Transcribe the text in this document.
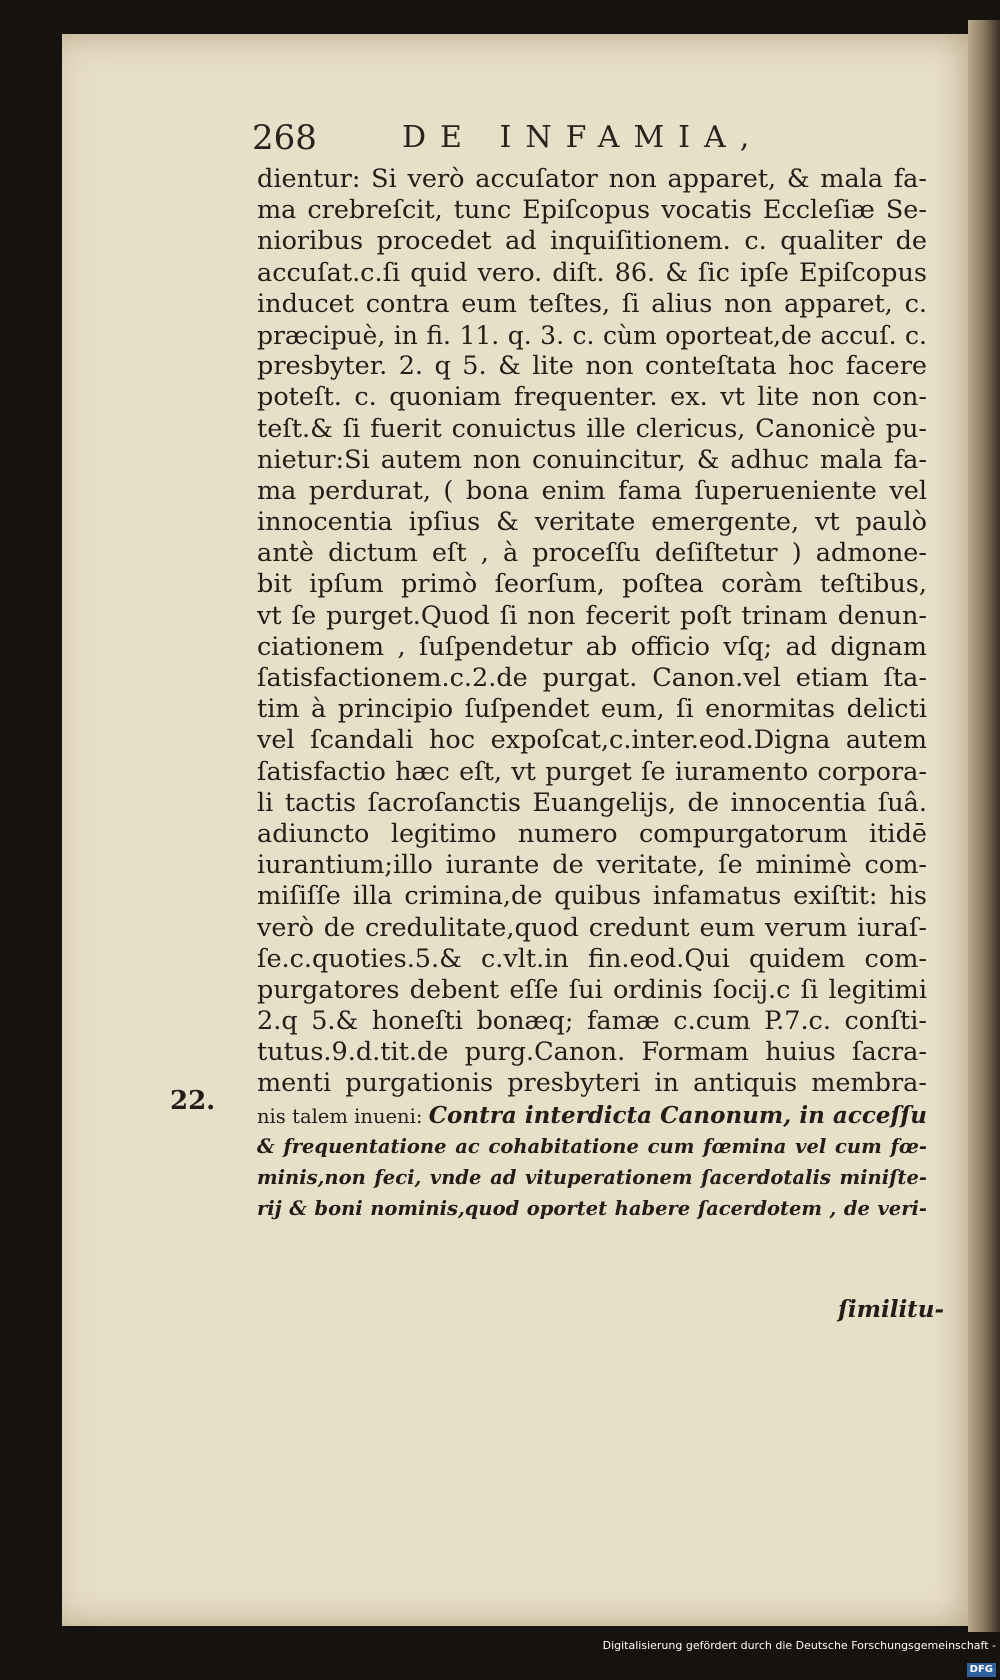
268	DE INFAMIA,
22.
dientur: Si verò accuſator non apparet, & mala fa-
ma crebreſcit, tunc Epiſcopus vocatis Eccleſiæ Se-
nioribus procedet ad inquiſitionem. c. qualiter de
accuſat.c.ſi quid vero. diſt. 86. & ſic ipſe Epiſcopus
inducet contra eum teſtes, ſi alius non apparet, c.
præcipuè, in fi. 11. q. 3. c. cùm oporteat,de accuſ. c.
presbyter. 2. q 5. & lite non conteſtata hoc facere
poteſt. c. quoniam frequenter. ex. vt lite non con-
teſt.& ſi fuerit conuictus ille clericus, Canonicè pu-
nietur:Si autem non conuincitur, & adhuc mala fa-
ma perdurat, ( bona enim fama ſuperueniente vel
innocentia ipſius & veritate emergente, vt paulò
antè dictum eſt , à proceſſu deſiſtetur ) admone-
bit ipſum primò ſeorſum, poſtea coràm teſtibus,
vt ſe purget.Quod ſi non fecerit poſt trinam denun-
ciationem , ſuſpendetur ab officio vſq; ad dignam
ſatisfactionem.c.2.de purgat. Canon.vel etiam ſta-
tim à principio ſuſpendet eum, ſi enormitas delicti
vel ſcandali hoc expoſcat,c.inter.eod.Digna autem
ſatisfactio hæc eſt, vt purget ſe iuramento corpora-
li tactis ſacroſanctis Euangelijs, de innocentia ſuâ.
adiuncto legitimo numero compurgatorum itidē
iurantium;illo iurante de veritate, ſe minimè com-
miſiſſe illa crimina,de quibus infamatus exiſtit: his
verò de credulitate,quod credunt eum verum iuraſ-
ſe.c.quoties.5.& c.vlt.in fin.eod.Qui quidem com-
purgatores debent eſſe ſui ordinis ſocij.c ſi legitimi
2.q 5.& honeſti bonæq; famæ c.cum P.7.c. conſti-
tutus.9.d.tit.de purg.Canon. Formam huius ſacra-
menti purgationis presbyteri in antiquis membra-
nis talem inueni: Contra interdicta Canonum, in acceſſu
& frequentatione ac cohabitatione cum fœmina vel cum fœ-
minis,non feci, vnde ad vituperationem ſacerdotalis miniſte-
rij & boni nominis,quod oportet habere ſacerdotem , de veri-
ſimilitu-
Digitalisierung gefördert durch die Deutsche Forschungsgemeinschaft - DFG
